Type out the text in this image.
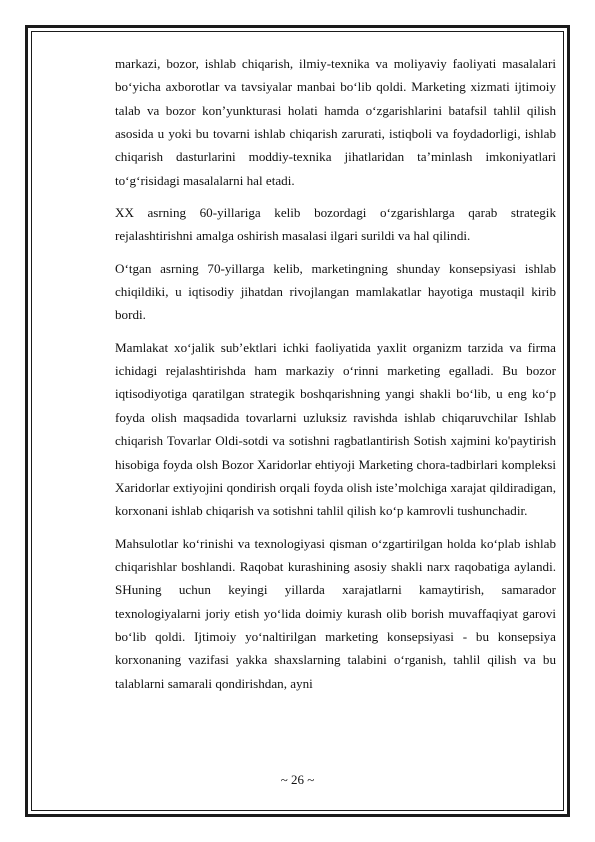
markazi, bozor, ishlab chiqarish, ilmiy-texnika va moliyaviy faoliyati masalalari bo‘yicha axborotlar va tavsiyalar manbai bo‘lib qoldi. Marketing xizmati ijtimoiy talab va bozor kon’yunkturasi holati hamda o‘zgarishlarini batafsil tahlil qilish asosida u yoki bu tovarni ishlab chiqarish zarurati, istiqboli va foydadorligi, ishlab chiqarish dasturlarini moddiy-texnika jihatlaridan ta’minlash imkoniyatlari to‘g‘risidagi masalalarni hal etadi.

XX asrning 60-yillariga kelib bozordagi o‘zgarishlarga qarab strategik rejalashtirishni amalga oshirish masalasi ilgari surildi va hal qilindi.

O‘tgan asrning 70-yillarga kelib, marketingning shunday konsepsiyasi ishlab chiqildiki, u iqtisodiy jihatdan rivojlangan mamlakatlar hayotiga mustaqil kirib bordi.

Mamlakat xo‘jalik sub’ektlari ichki faoliyatida yaxlit organizm tarzida va firma ichidagi rejalashtirishda ham markaziy o‘rinni marketing egalladi. Bu bozor iqtisodiyotiga qaratilgan strategik boshqarishning yangi shakli bo‘lib, u eng ko‘p foyda olish maqsadida tovarlarni uzluksiz ravishda ishlab chiqaruvchilar Ishlab chiqarish Tovarlar Oldi-sotdi va sotishni ragbatlantirish Sotish xajmini ko'paytirish hisobiga foyda olsh Bozor Xaridorlar ehtiyoji Marketing chora-tadbirlari kompleksi Xaridorlar extiyojini qondirish orqali foyda olish iste’molchiga xarajat qildiradigan, korxonani ishlab chiqarish va sotishni tahlil qilish ko‘p kamrovli tushunchadir.

Mahsulotlar ko‘rinishi va texnologiyasi qisman o‘zgartirilgan holda ko‘plab ishlab chiqarishlar boshlandi. Raqobat kurashining asosiy shakli narx raqobatiga aylandi. SHuning uchun keyingi yillarda xarajatlarni kamaytirish, samarador texnologiyalarni joriy etish yo‘lida doimiy kurash olib borish muvaffaqiyat garovi bo‘lib qoldi. Ijtimoiy yo‘naltirilgan marketing konsepsiyasi - bu konsepsiya korxonaning vazifasi yakka shaxslarning talabini o‘rganish, tahlil qilish va bu talablarni samarali qondirishdan, ayni

~ 26 ~
